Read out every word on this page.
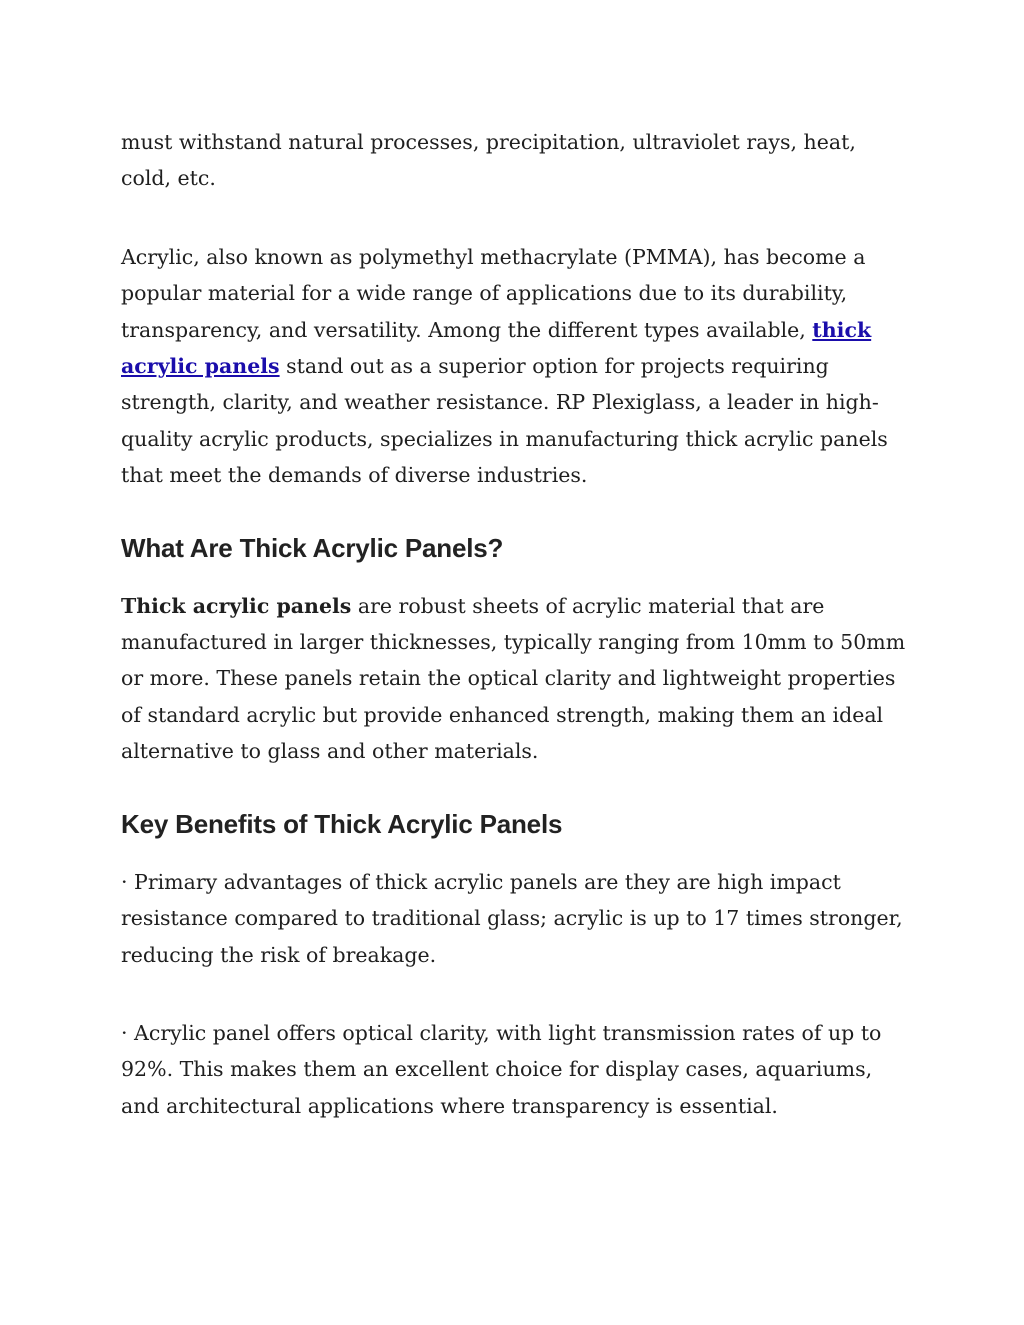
must withstand natural processes, precipitation, ultraviolet rays, heat, cold, etc.

Acrylic, also known as polymethyl methacrylate (PMMA), has become a popular material for a wide range of applications due to its durability, transparency, and versatility. Among the different types available, thick acrylic panels stand out as a superior option for projects requiring strength, clarity, and weather resistance. RP Plexiglass, a leader in high-quality acrylic products, specializes in manufacturing thick acrylic panels that meet the demands of diverse industries.

What Are Thick Acrylic Panels?

Thick acrylic panels are robust sheets of acrylic material that are manufactured in larger thicknesses, typically ranging from 10mm to 50mm or more. These panels retain the optical clarity and lightweight properties of standard acrylic but provide enhanced strength, making them an ideal alternative to glass and other materials.

Key Benefits of Thick Acrylic Panels

· Primary advantages of thick acrylic panels are they are high impact resistance compared to traditional glass; acrylic is up to 17 times stronger, reducing the risk of breakage.

· Acrylic panel offers optical clarity, with light transmission rates of up to 92%. This makes them an excellent choice for display cases, aquariums, and architectural applications where transparency is essential.
